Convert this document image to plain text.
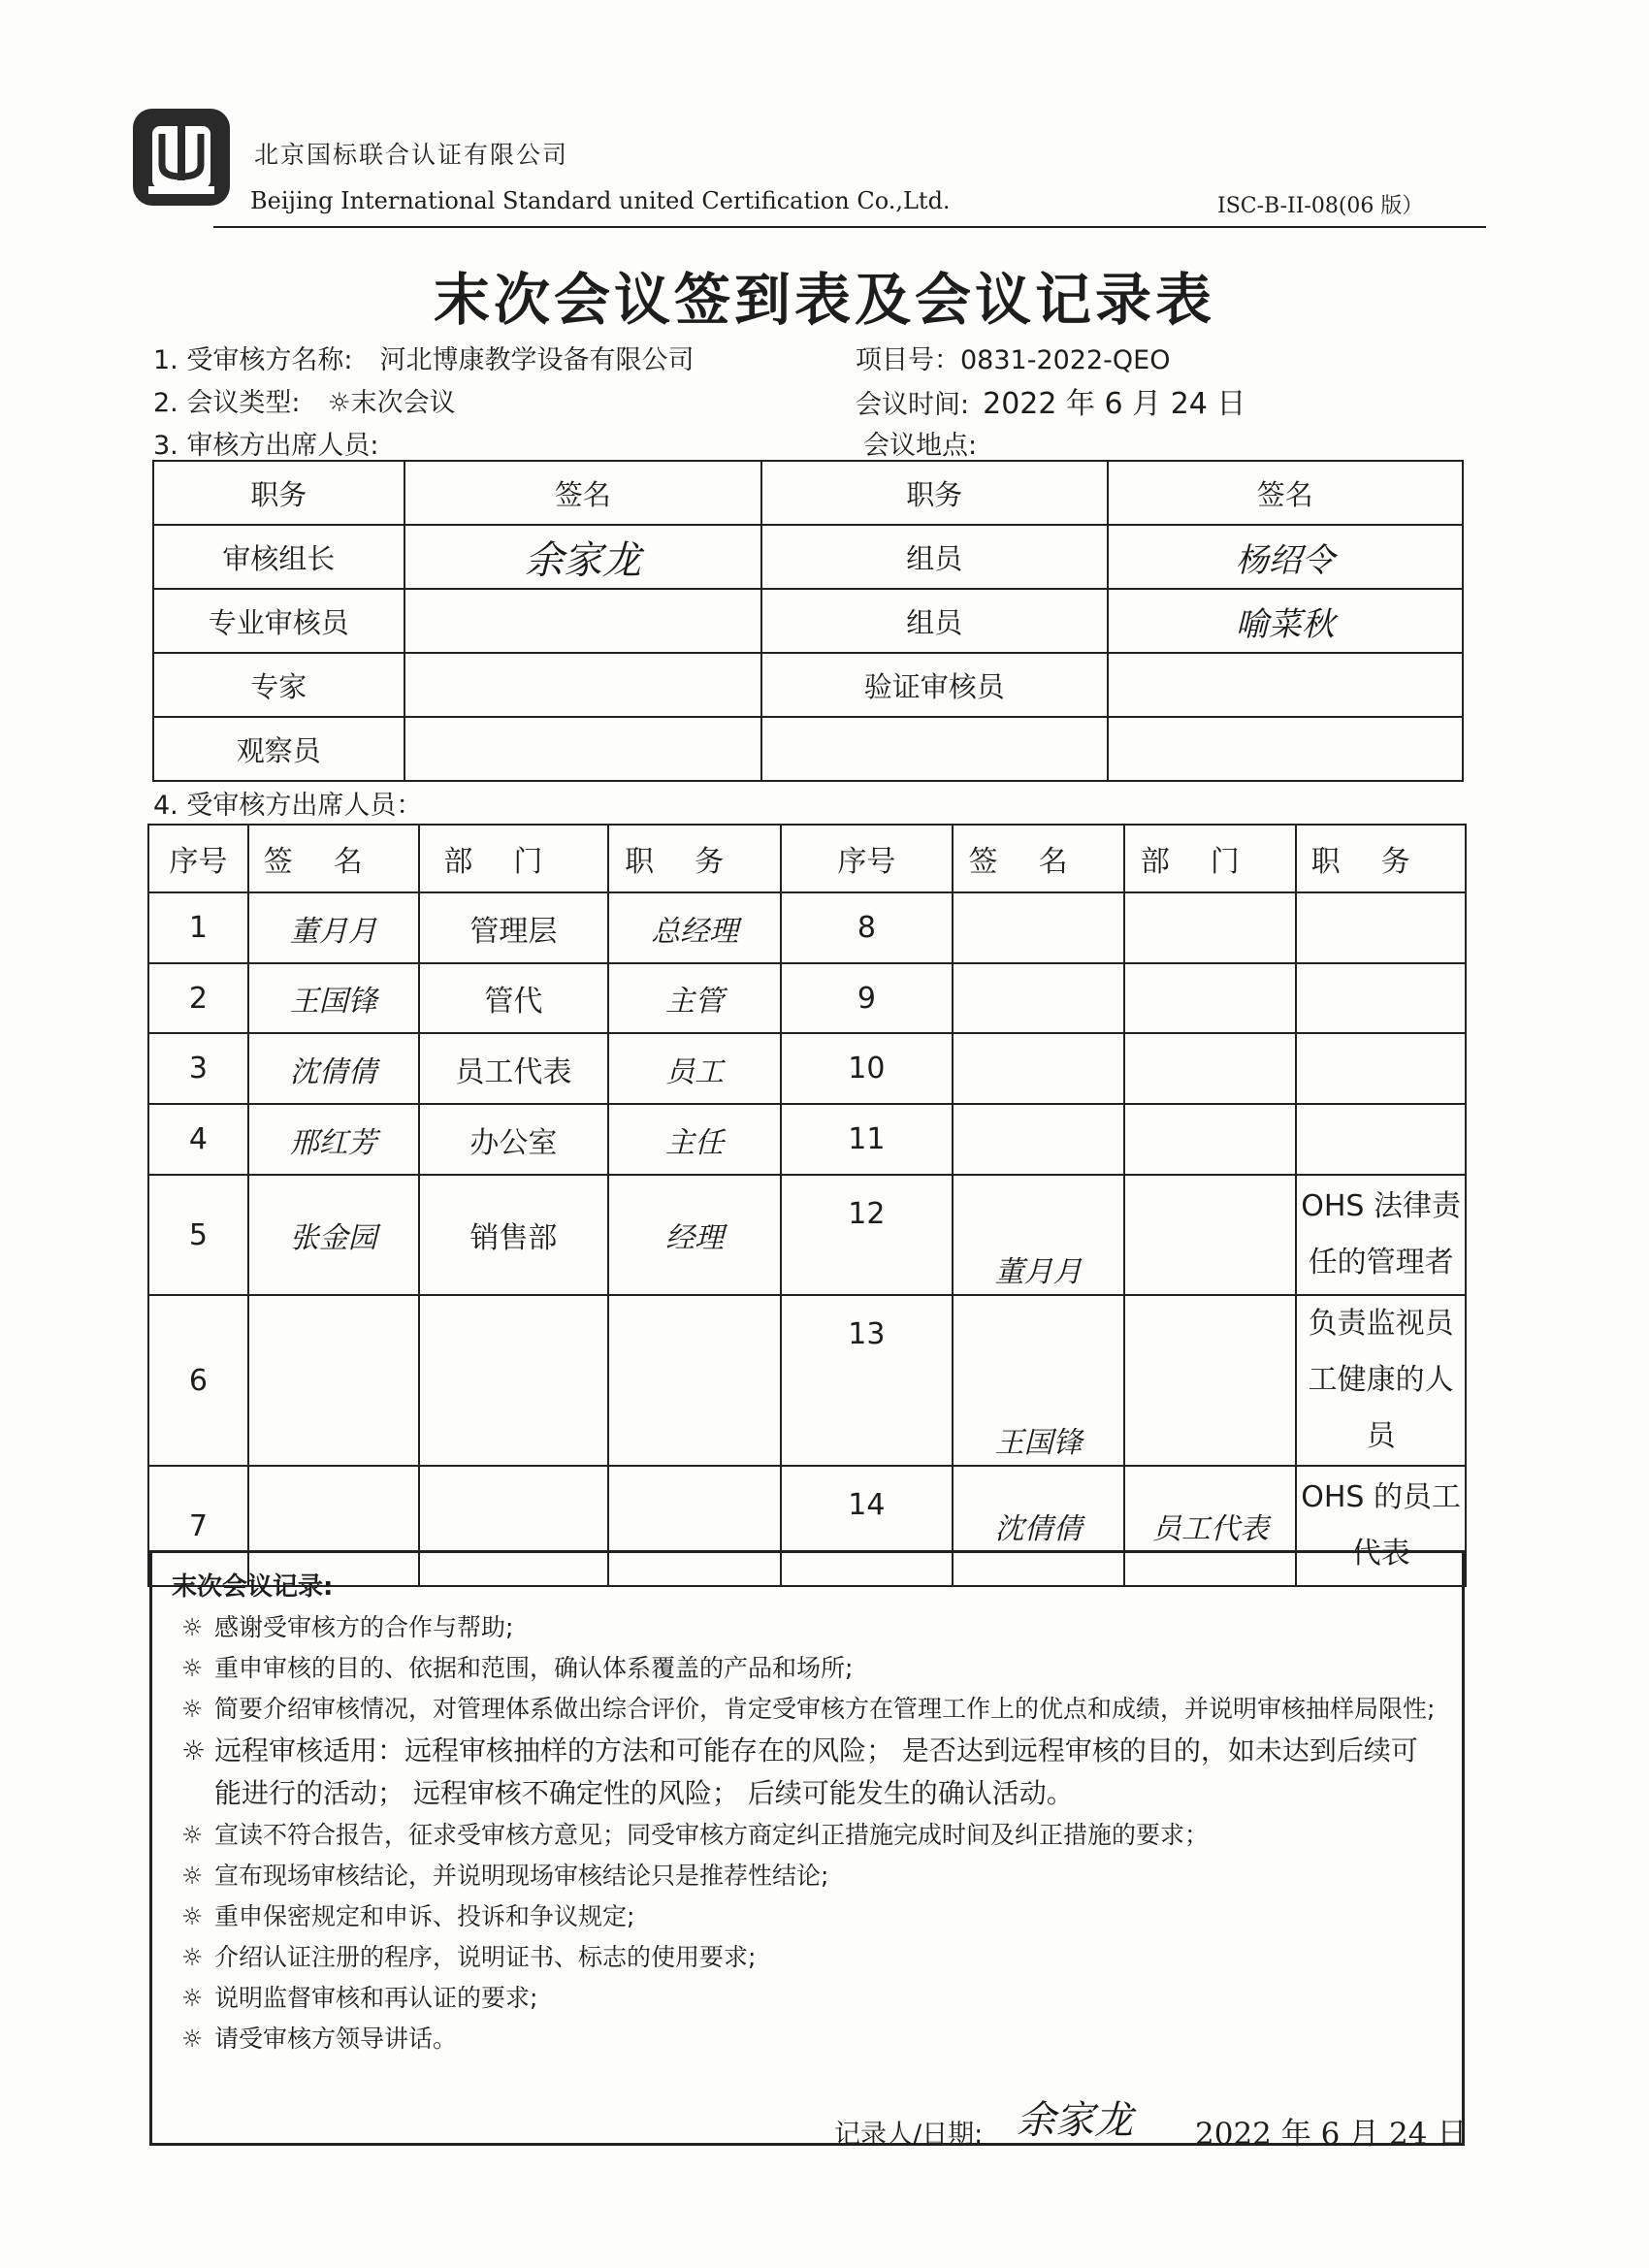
北京国标联合认证有限公司
Beijing International Standard united Certification Co.,Ltd.	ISC-B-II-08(06 版）
末次会议签到表及会议记录表
1. 受审核方名称: 河北博康教学设备有限公司	项目号：0831-2022-QEO
2. 会议类型: ☼末次会议	会议时间: 2022 年 6 月 24 日
3. 审核方出席人员:	会议地点:
职务	签名	职务	签名
审核组长	余家龙	组员	杨绍令
专业审核员		组员	喻菜秋
专家		验证审核员	
观察员			
4. 受审核方出席人员：
序号	签名	部门	职务	序号	签名	部门	职务
1	董月月	管理层	总经理	8			
2	王国锋	管代	主管	9			
3	沈倩倩	员工代表	员工	10			
4	邢红芳	办公室	主任	11			
5	张金园	销售部	经理	12	董月月		OHS 法律责任的管理者
6				13	王国锋		负责监视员工健康的人员
7				14	沈倩倩	员工代表	OHS 的员工代表
末次会议记录:
☼ 感谢受审核方的合作与帮助;
☼ 重申审核的目的、依据和范围，确认体系覆盖的产品和场所;
☼ 简要介绍审核情况，对管理体系做出综合评价，肯定受审核方在管理工作上的优点和成绩，并说明审核抽样局限性;
☼ 远程审核适用：远程审核抽样的方法和可能存在的风险； 是否达到远程审核的目的，如未达到后续可能进行的活动； 远程审核不确定性的风险； 后续可能发生的确认活动。
☼ 宣读不符合报告，征求受审核方意见；同受审核方商定纠正措施完成时间及纠正措施的要求；
☼ 宣布现场审核结论，并说明现场审核结论只是推荐性结论;
☼ 重申保密规定和申诉、投诉和争议规定;
☼ 介绍认证注册的程序，说明证书、标志的使用要求;
☼ 说明监督审核和再认证的要求;
☼ 请受审核方领导讲话。
记录人/日期: 余家龙 2022 年 6 月 24 日
